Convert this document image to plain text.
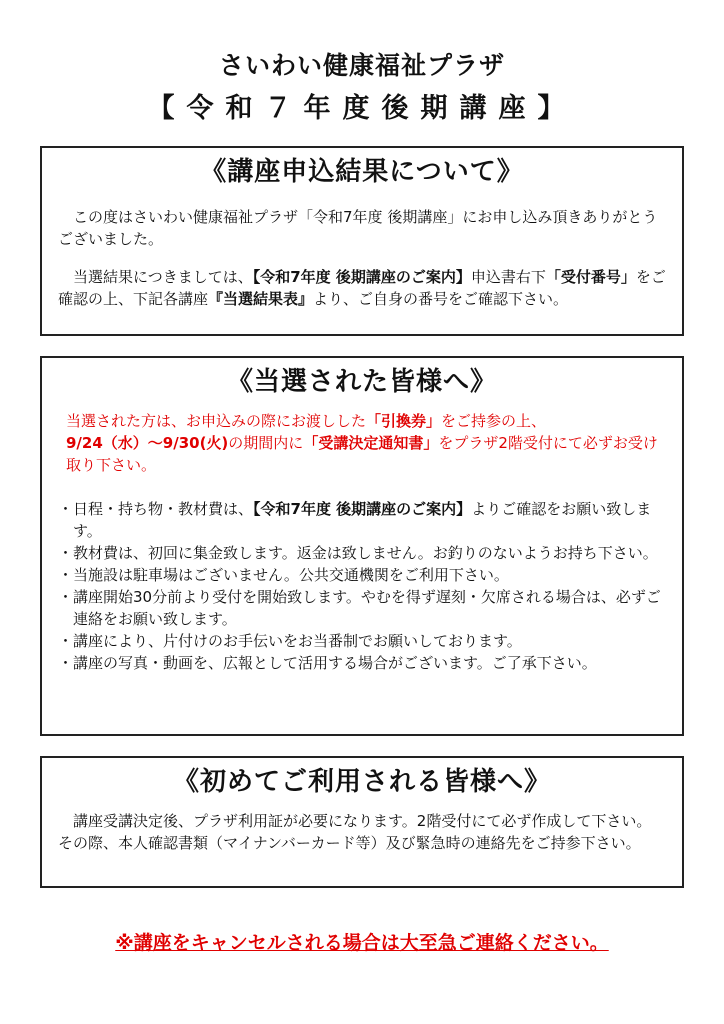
さいわい健康福祉プラザ
【令和７年度後期講座】
《講座申込結果について》

この度はさいわい健康福祉プラザ「令和7年度 後期講座」にお申し込み頂きありがとうございました。

当選結果につきましては、【令和7年度 後期講座のご案内】申込書右下「受付番号」をご確認の上、下記各講座『当選結果表』より、ご自身の番号をご確認下さい。

《当選された皆様へ》
当選された方は、お申込みの際にお渡しした「引換券」をご持参の上、
9/24（水）～9/30(火)の期間内に「受講決定通知書」をプラザ2階受付にて必ずお受け取り下さい。
・日程・持ち物・教材費は、【令和7年度 後期講座のご案内】よりご確認をお願い致します。
・教材費は、初回に集金致します。返金は致しません。お釣りのないようお持ち下さい。
・当施設は駐車場はございません。公共交通機関をご利用下さい。
・講座開始30分前より受付を開始致します。やむを得ず遅刻・欠席される場合は、必ずご連絡をお願い致します。
・講座により、片付けのお手伝いをお当番制でお願いしております。
・講座の写真・動画を、広報として活用する場合がございます。ご了承下さい。
《初めてご利用される皆様へ》

講座受講決定後、プラザ利用証が必要になります。2階受付にて必ず作成して下さい。その際、本人確認書類（マイナンバーカード等）及び緊急時の連絡先をご持参下さい。

※講座をキャンセルされる場合は大至急ご連絡ください。
